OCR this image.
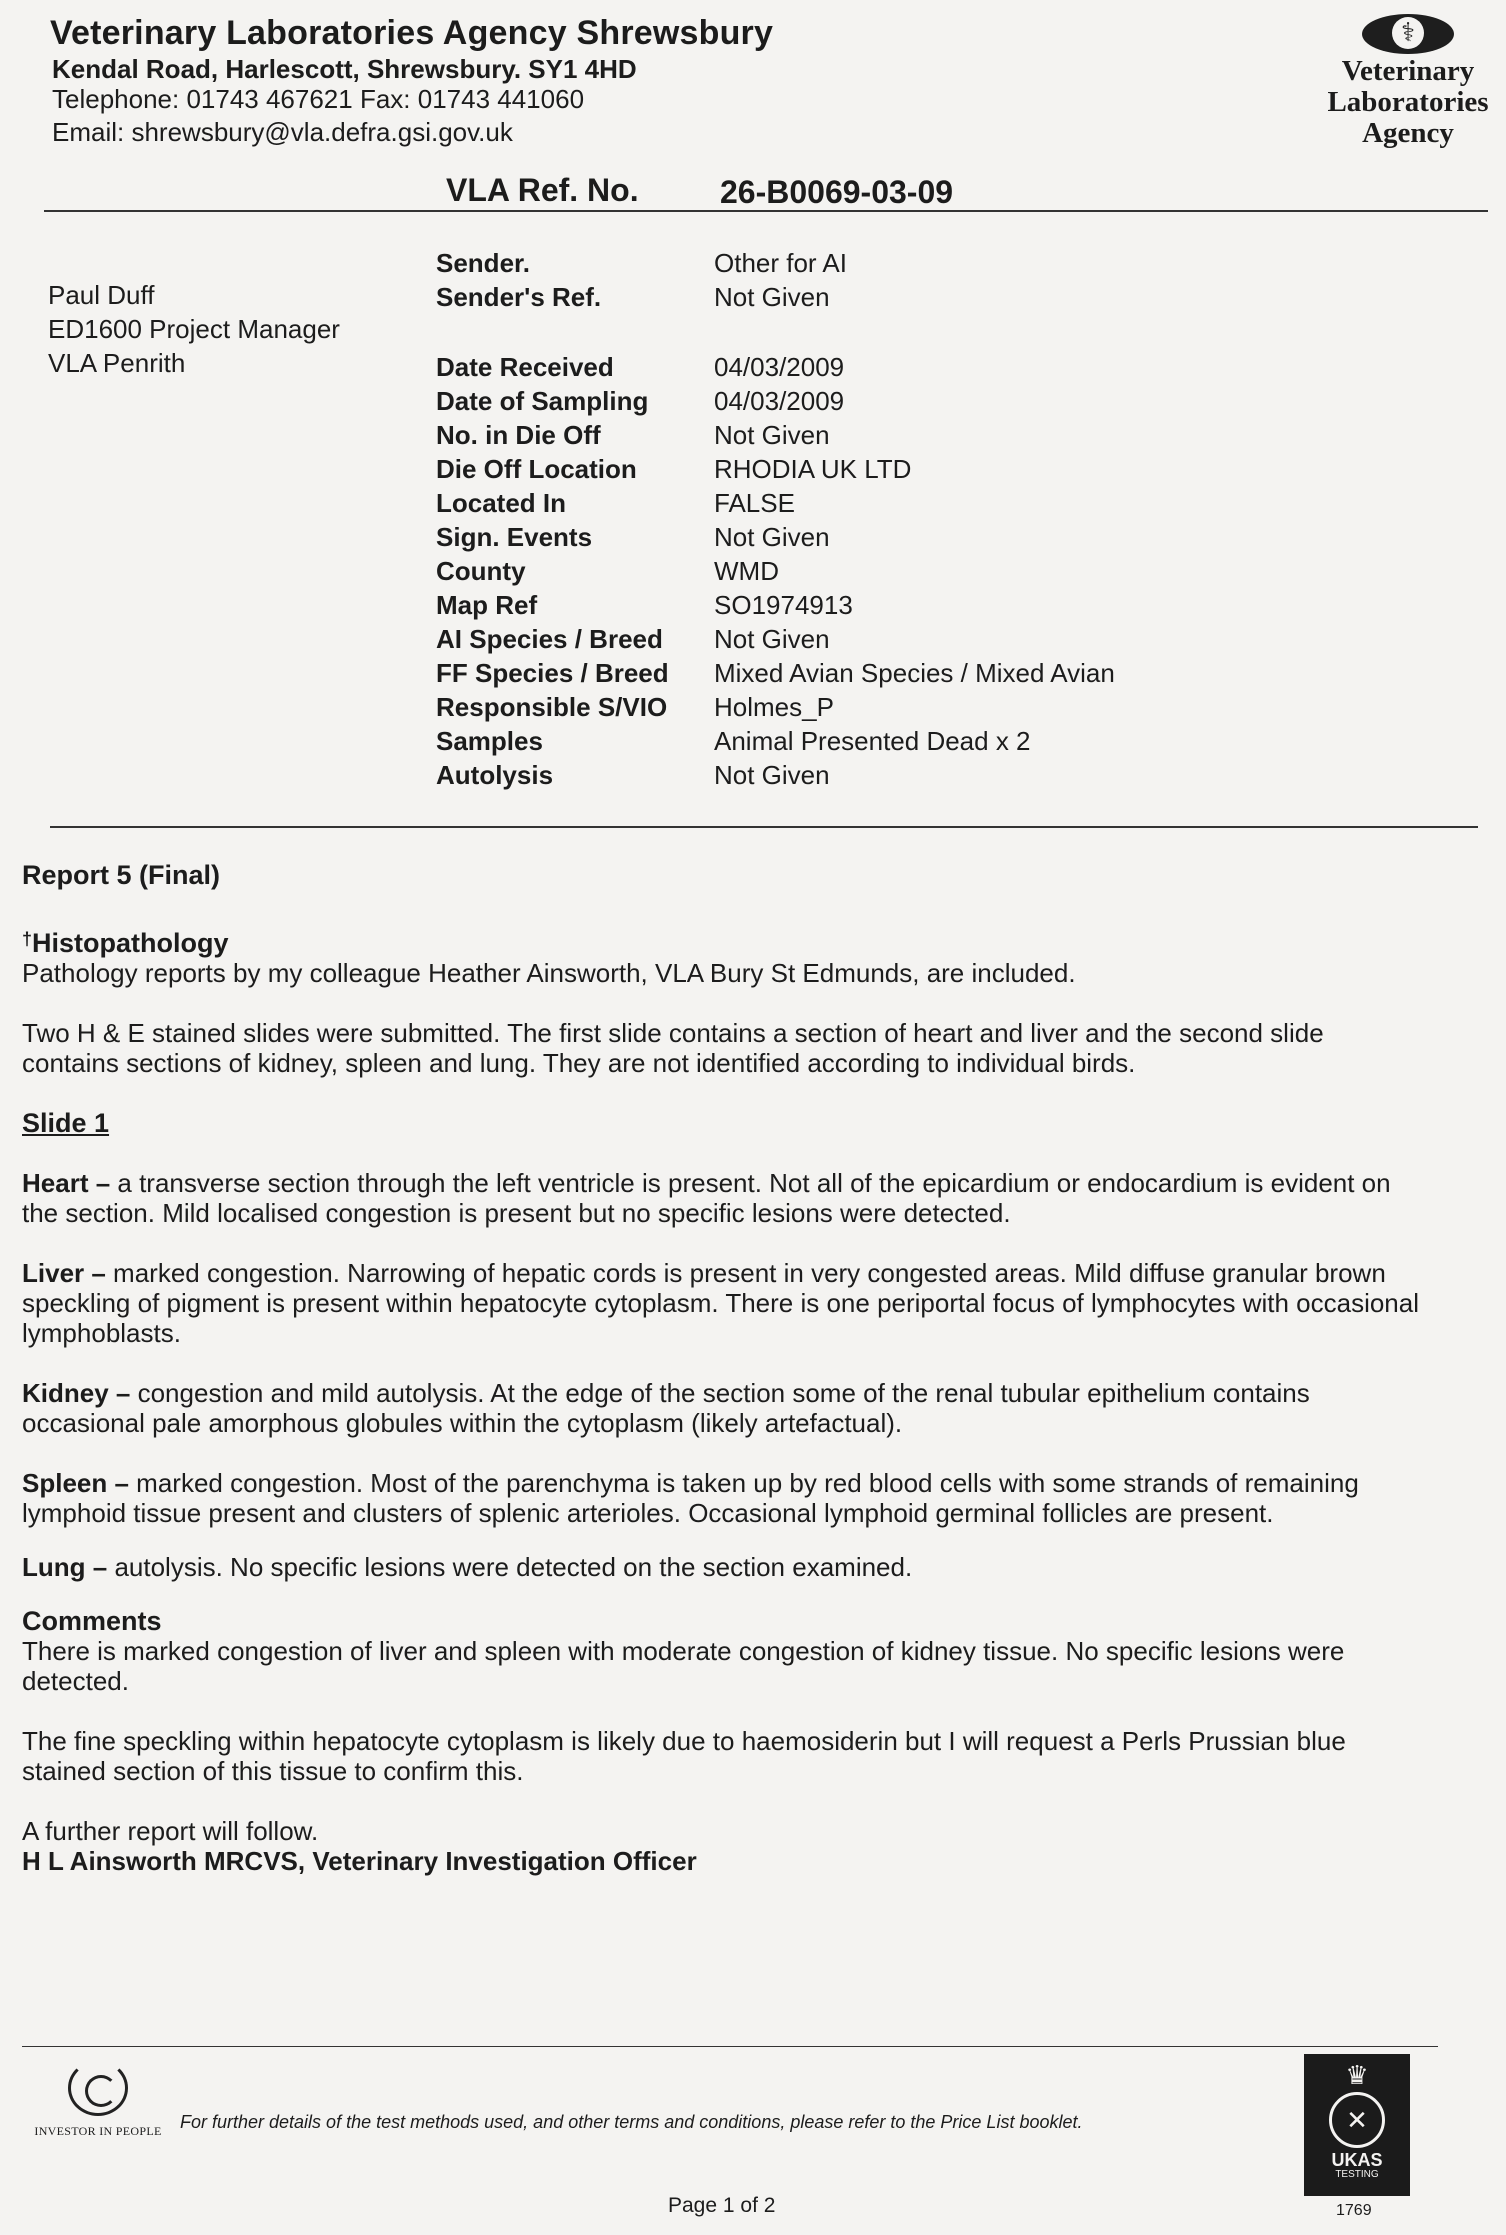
Veterinary Laboratories Agency Shrewsbury
Kendal Road, Harlescott, Shrewsbury. SY1 4HD
Telephone: 01743 467621 Fax: 01743 441060
Email: shrewsbury@vla.defra.gsi.gov.uk
⚕
Veterinary
Laboratories
Agency
VLA Ref. No.	26-B0069-03-09
Paul Duff
ED1600 Project Manager
VLA Penrith
Sender.	Other for AI
Sender's Ref.	Not Given
Date Received	04/03/2009
Date of Sampling	04/03/2009
No. in Die Off	Not Given
Die Off Location	RHODIA UK LTD
Located In	FALSE
Sign. Events	Not Given
County	WMD
Map Ref	SO1974913
AI Species / Breed	Not Given
FF Species / Breed	Mixed Avian Species / Mixed Avian
Responsible S/VIO	Holmes_P
Samples	Animal Presented Dead x 2
Autolysis	Not Given

Report 5 (Final)

†Histopathology

Pathology reports by my colleague Heather Ainsworth, VLA Bury St Edmunds, are included.

Two H & E stained slides were submitted. The first slide contains a section of heart and liver and the second slide contains sections of kidney, spleen and lung. They are not identified according to individual birds.

Slide 1

Heart – a transverse section through the left ventricle is present. Not all of the epicardium or endocardium is evident on the section. Mild localised congestion is present but no specific lesions were detected.

Liver – marked congestion. Narrowing of hepatic cords is present in very congested areas. Mild diffuse granular brown speckling of pigment is present within hepatocyte cytoplasm. There is one periportal focus of lymphocytes with occasional lymphoblasts.

Kidney – congestion and mild autolysis. At the edge of the section some of the renal tubular epithelium contains occasional pale amorphous globules within the cytoplasm (likely artefactual).

Spleen – marked congestion. Most of the parenchyma is taken up by red blood cells with some strands of remaining lymphoid tissue present and clusters of splenic arterioles. Occasional lymphoid germinal follicles are present.

Lung – autolysis. No specific lesions were detected on the section examined.

Comments

There is marked congestion of liver and spleen with moderate congestion of kidney tissue. No specific lesions were detected.

The fine speckling within hepatocyte cytoplasm is likely due to haemosiderin but I will request a Perls Prussian blue stained section of this tissue to confirm this.

A further report will follow.

H L Ainsworth MRCVS, Veterinary Investigation Officer

INVESTOR IN PEOPLE	For further details of the test methods used, and other terms and conditions, please refer to the Price List booklet.
♛
✕
UKAS
TESTING
1769
Page 1 of 2
